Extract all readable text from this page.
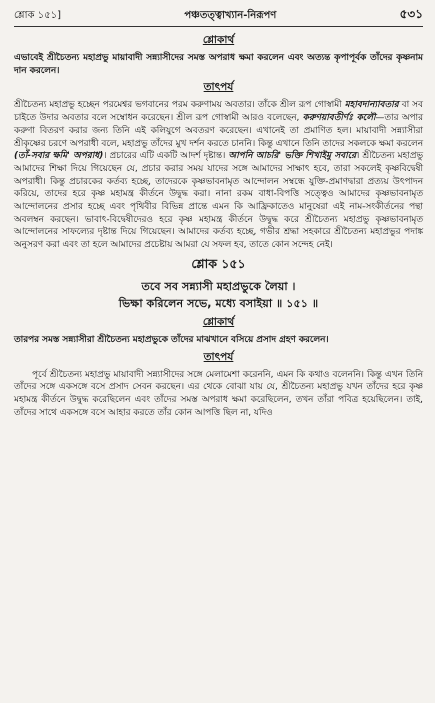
শ্লোক ১৫১]	পঞ্চতত্ত্বাখ্যান-নিরূপণ	৫৩১
শ্লোকার্থ

এভাবেই শ্রীচৈতন্য মহাপ্রভু মায়াবাদী সন্ন্যাসীদের সমস্ত অপরাধ ক্ষমা করলেন এবং অত্যন্ত কৃপাপূর্বক তাঁদের কৃষ্ণনাম দান করলেন।

তাৎপর্য

শ্রীচৈতন্য মহাপ্রভু হচ্ছেন পরমেশ্বর ভগবানের পরম করুণাময় অবতার। তাঁকে শ্রীল রূপ গোস্বামী মহাবদান্যাবতার বা সব চাইতে উদার অবতার বলে সম্বোধন করেছেন। শ্রীল রূপ গোস্বামী আরও বলেছেন, করুণয়াবতীর্ণঃ কলৌ—তার অপার করুণা বিতরণ করার জন্য তিনি এই কলিযুগে অবতরণ করেছেন। এখানেই তা প্রমাণিত হল। মায়াবাদী সন্ন্যাসীরা শ্রীকৃষ্ণের চরণে অপরাধী বলে, মহাপ্রভু তাঁদের মুখ দর্শন করতে চাননি। কিন্তু এখানে তিনি তাদের সকলকে ক্ষমা করলেন (তাঁ-সবার ক্ষমি' অপরাধ)। প্রচারের এটি একটি আদর্শ দৃষ্টান্ত। আপনি আচরি' ভক্তি শিখাইমু সবারে। শ্রীচৈতন্য মহাপ্রভু আমাদের শিক্ষা দিয়ে গিয়েছেন যে, প্রচার করার সময় যাদের সঙ্গে আমাদের সাক্ষাৎ হবে, তারা সকলেই কৃষ্ণবিদ্বেষী অপরাধী। কিন্তু প্রচারকের কর্তব্য হচ্ছে, তাদেরকে কৃষ্ণভাবনামৃত আন্দোলন সম্বন্ধে যুক্তি-প্রমাণদ্বারা প্রত্যয় উৎপাদন করিয়ে, তাদের হরে কৃষ্ণ মহামন্ত্র কীর্তনে উদ্বুদ্ধ করা। নানা রকম বাধা-বিপত্তি সত্ত্বেও আমাদের কৃষ্ণভাবনামৃত আন্দোলনের প্রসার হচ্ছে এবং পৃথিবীর বিভিন্ন প্রান্তে এমন কি আফ্রিকাতেও মানুষেরা এই নাম-সংকীর্তনের পন্থা অবলম্বন করছেন। ভাবাৎ-বিদ্বেষীদেরও হরে কৃষ্ণ মহামন্ত্র কীর্তনে উদ্বুদ্ধ করে শ্রীচৈতন্য মহাপ্রভু কৃষ্ণভাবনামৃত আন্দোলনের সাফল্যের দৃষ্টান্ত দিয়ে গিয়েছেন। আমাদের কর্তব্য হচ্ছে, গভীর শ্রদ্ধা সহকারে শ্রীচৈতন্য মহাপ্রভুর পদাঙ্ক অনুসরণ করা এবং তা হলে আমাদের প্রচেষ্টায় আমরা যে সফল হব, তাতে কোন সন্দেহ নেই।

শ্লোক ১৫১

তবে সব সন্ন্যাসী মহাপ্রভুকে লৈয়া ।

ভিক্ষা করিলেন সভে, মধ্যে বসাইয়া ॥ ১৫১ ॥

শ্লোকার্থ

তারপর সমস্ত সন্ন্যাসীরা শ্রীচৈতন্য মহাপ্রভুকে তাঁদের মাঝখানে বসিয়ে প্রসাদ গ্রহণ করলেন।

তাৎপর্য

পূর্বে শ্রীচৈতন্য মহাপ্রভু মায়াবাদী সন্ন্যাসীদের সঙ্গে মেলামেশা করেননি, এমন কি কথাও বলেননি। কিন্তু এখন তিনি তাঁদের সঙ্গে একসঙ্গে বসে প্রসাদ সেবন করছেন। এর থেকে বোঝা যায় যে, শ্রীচৈতন্য মহাপ্রভু যখন তাঁদের হরে কৃষ্ণ মহামন্ত্র কীর্তনে উদ্বুদ্ধ করেছিলেন এবং তাঁদের সমস্ত অপরাধ ক্ষমা করেছিলেন, তখন তাঁরা পবিত্র হয়েছিলেন। তাই, তাঁদের সাথে একসঙ্গে বসে আহার করতে তাঁর কোন আপত্তি ছিল না, যদিও
